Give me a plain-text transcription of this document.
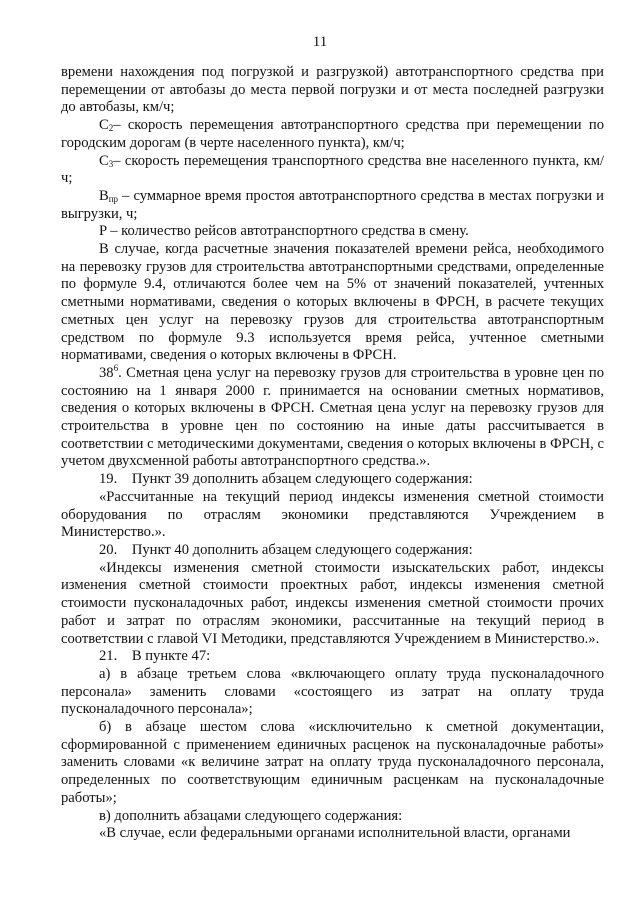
11

времени нахождения под погрузкой и разгрузкой) автотранспортного средства при перемещении от автобазы до места первой погрузки и от места последней разгрузки до автобазы, км/ч;

$C_2-$ скорость перемещения автотранспортного средства при перемещении по городским дорогам (в черте населенного пункта), км/ч;

$C_3-$ скорость перемещения транспортного средства вне населенного пункта, км/ч;

$B_{пр}$ – суммарное время простоя автотранспортного средства в местах погрузки и выгрузки, ч;

P – количество рейсов автотранспортного средства в смену.

В случае, когда расчетные значения показателей времени рейса, необходимого на перевозку грузов для строительства автотранспортными средствами, определенные по формуле 9.4, отличаются более чем на 5% от значений показателей, учтенных сметными нормативами, сведения о которых включены в ФРСН, в расчете текущих сметных цен услуг на перевозку грузов для строительства автотранспортным средством по формуле 9.3 используется время рейса, учтенное сметными нормативами, сведения о которых включены в ФРСН.

$38^6$. Сметная цена услуг на перевозку грузов для строительства в уровне цен по состоянию на 1 января 2000 г. принимается на основании сметных нормативов, сведения о которых включены в ФРСН. Сметная цена услуг на перевозку грузов для строительства в уровне цен по состоянию на иные даты рассчитывается в соответствии с методическими документами, сведения о которых включены в ФРСН, с учетом двухсменной работы автотранспортного средства.».

19.    Пункт 39 дополнить абзацем следующего содержания:

«Рассчитанные на текущий период индексы изменения сметной стоимости оборудования по отраслям экономики представляются Учреждением в Министерство.».

20.    Пункт 40 дополнить абзацем следующего содержания:

«Индексы изменения сметной стоимости изыскательских работ, индексы изменения сметной стоимости проектных работ, индексы изменения сметной стоимости пусконаладочных работ, индексы изменения сметной стоимости прочих работ и затрат по отраслям экономики, рассчитанные на текущий период в соответствии с главой VI Методики, представляются Учреждением в Министерство.».

21.    В пункте 47:

а) в абзаце третьем слова «включающего оплату труда пусконаладочного персонала» заменить словами «состоящего из затрат на оплату труда пусконаладочного персонала»;

б) в абзаце шестом слова «исключительно к сметной документации, сформированной с применением единичных расценок на пусконаладочные работы» заменить словами «к величине затрат на оплату труда пусконаладочного персонала, определенных по соответствующим единичным расценкам на пусконаладочные работы»;

в) дополнить абзацами следующего содержания:

«В случае, если федеральными органами исполнительной власти, органами
